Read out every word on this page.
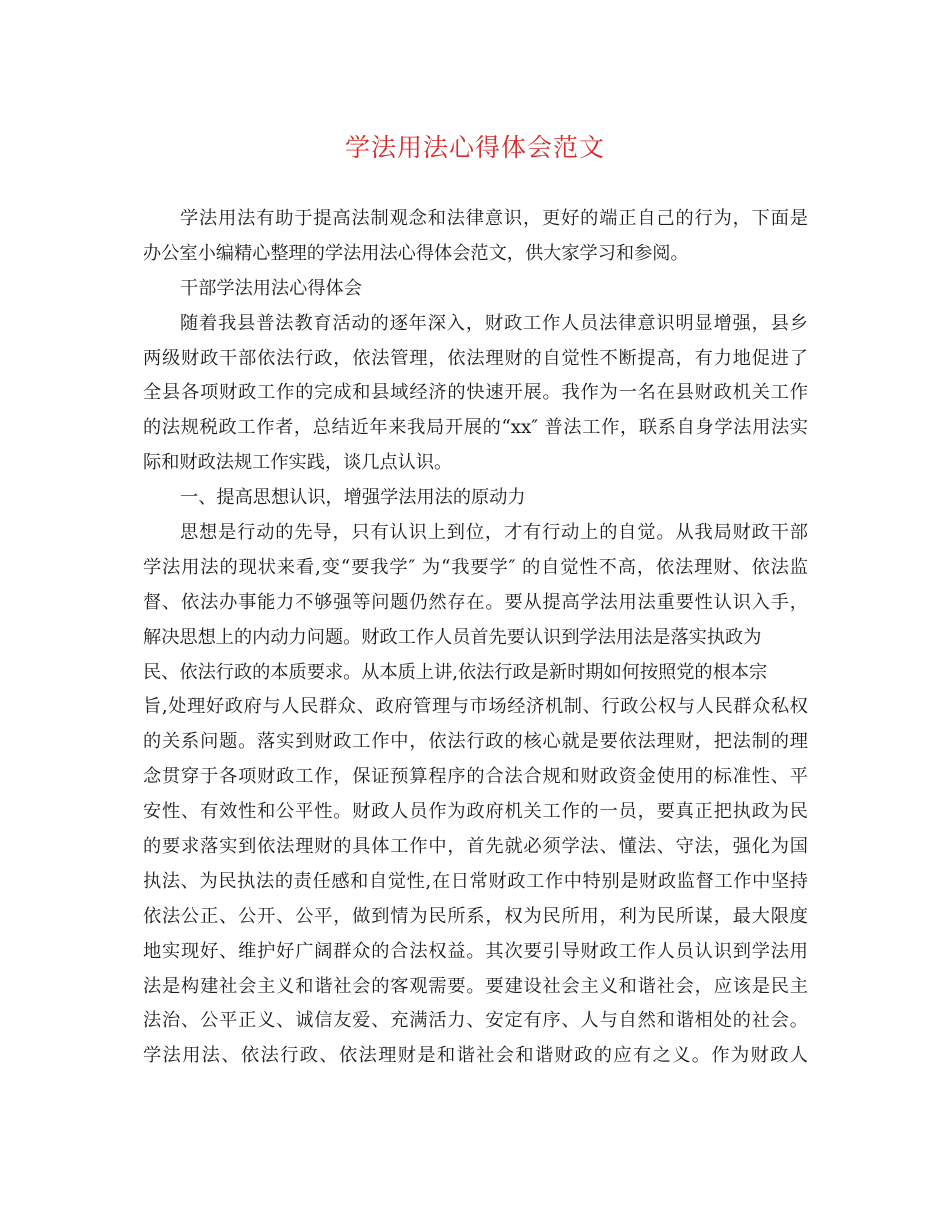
学法用法心得体会范文
学法用法有助于提高法制观念和法律意识，更好的端正自己的行为，下面是
办公室小编精心整理的学法用法心得体会范文，供大家学习和参阅。
干部学法用法心得体会
随着我县普法教育活动的逐年深入，财政工作人员法律意识明显增强，县乡
两级财政干部依法行政，依法管理，依法理财的自觉性不断提高，有力地促进了
全县各项财政工作的完成和县域经济的快速开展。我作为一名在县财政机关工作
的法规税政工作者，总结近年来我局开展的“xx″ 普法工作，联系自身学法用法实
际和财政法规工作实践，谈几点认识。
一、提高思想认识，增强学法用法的原动力
思想是行动的先导，只有认识上到位，才有行动上的自觉。从我局财政干部
学法用法的现状来看,变“要我学″ 为“我要学″ 的自觉性不高，依法理财、依法监
督、依法办事能力不够强等问题仍然存在。要从提高学法用法重要性认识入手，
解决思想上的内动力问题。财政工作人员首先要认识到学法用法是落实执政为
民、依法行政的本质要求。从本质上讲,依法行政是新时期如何按照党的根本宗
旨,处理好政府与人民群众、政府管理与市场经济机制、行政公权与人民群众私权
的关系问题。落实到财政工作中，依法行政的核心就是要依法理财，把法制的理
念贯穿于各项财政工作，保证预算程序的合法合规和财政资金使用的标准性、平
安性、有效性和公平性。财政人员作为政府机关工作的一员，要真正把执政为民
的要求落实到依法理财的具体工作中，首先就必须学法、懂法、守法，强化为国
执法、为民执法的责任感和自觉性,在日常财政工作中特别是财政监督工作中坚持
依法公正、公开、公平，做到情为民所系，权为民所用，利为民所谋，最大限度
地实现好、维护好广阔群众的合法权益。其次要引导财政工作人员认识到学法用
法是构建社会主义和谐社会的客观需要。要建设社会主义和谐社会，应该是民主
法治、公平正义、诚信友爱、充满活力、安定有序、人与自然和谐相处的社会。
学法用法、依法行政、依法理财是和谐社会和谐财政的应有之义。作为财政人
